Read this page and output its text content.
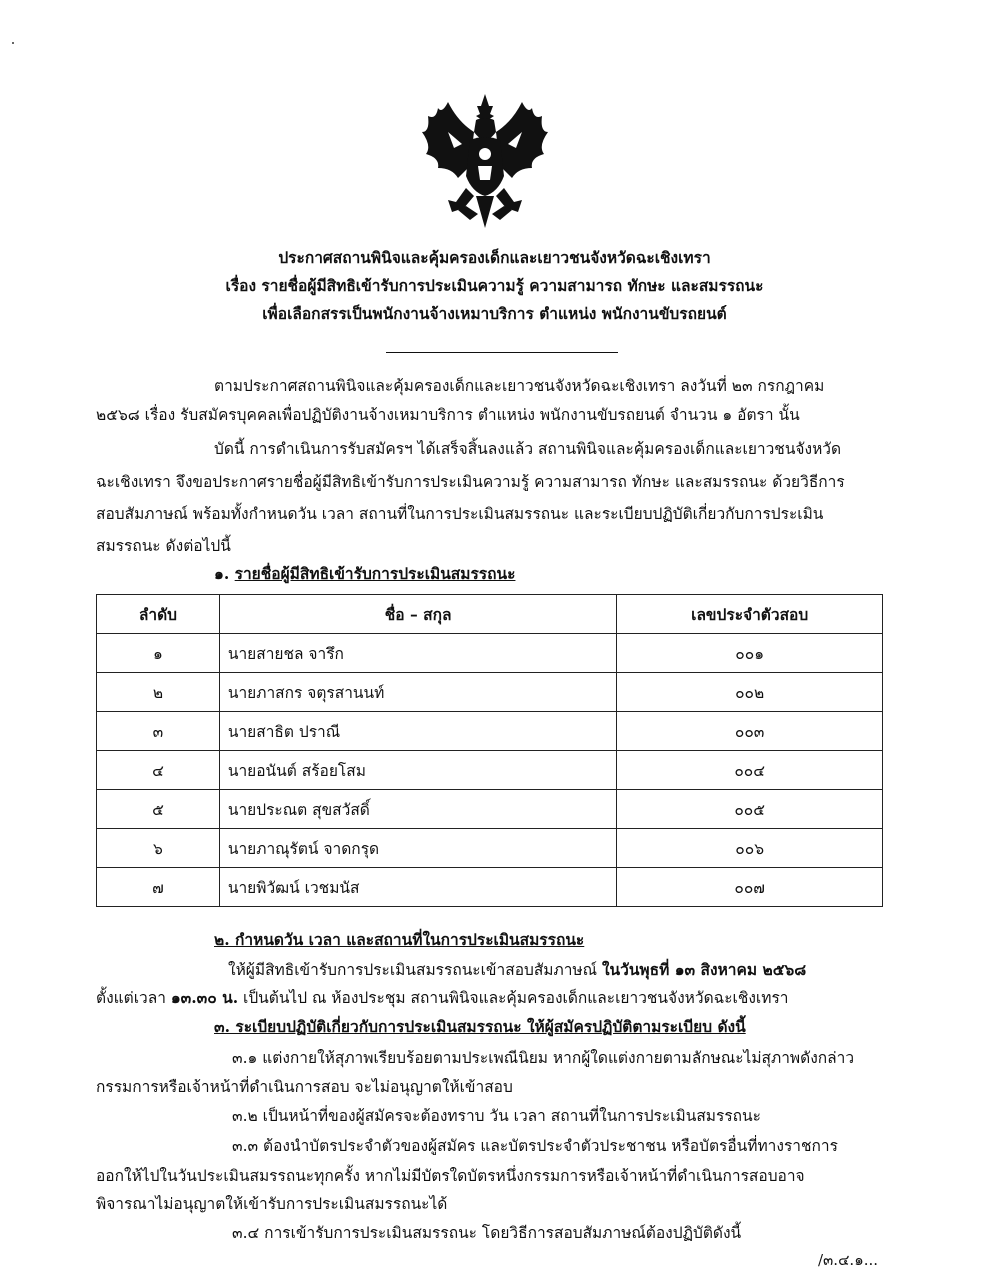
ประกาศสถานพินิจและคุ้มครองเด็กและเยาวชนจังหวัดฉะเชิงเทรา
เรื่อง รายชื่อผู้มีสิทธิเข้ารับการประเมินความรู้ ความสามารถ ทักษะ และสมรรถนะ
เพื่อเลือกสรรเป็นพนักงานจ้างเหมาบริการ ตำแหน่ง พนักงานขับรถยนต์
ตามประกาศสถานพินิจและคุ้มครองเด็กและเยาวชนจังหวัดฉะเชิงเทรา ลงวันที่ ๒๓ กรกฎาคม
๒๕๖๘ เรื่อง รับสมัครบุคคลเพื่อปฏิบัติงานจ้างเหมาบริการ ตำแหน่ง พนักงานขับรถยนต์ จำนวน ๑ อัตรา นั้น
บัดนี้ การดำเนินการรับสมัครฯ ได้เสร็จสิ้นลงแล้ว สถานพินิจและคุ้มครองเด็กและเยาวชนจังหวัด
ฉะเชิงเทรา จึงขอประกาศรายชื่อผู้มีสิทธิเข้ารับการประเมินความรู้ ความสามารถ ทักษะ และสมรรถนะ ด้วยวิธีการ
สอบสัมภาษณ์ พร้อมทั้งกำหนดวัน เวลา สถานที่ในการประเมินสมรรถนะ และระเบียบปฏิบัติเกี่ยวกับการประเมิน
สมรรถนะ ดังต่อไปนี้
๑. รายชื่อผู้มีสิทธิเข้ารับการประเมินสมรรถนะ
ลำดับ	ชื่อ – สกุล	เลขประจำตัวสอบ
๑	นายสายชล จารึก	๐๐๑
๒	นายภาสกร จตุรสานนท์	๐๐๒
๓	นายสาธิต ปราณี	๐๐๓
๔	นายอนันต์ สร้อยโสม	๐๐๔
๕	นายประณต สุขสวัสดิ์	๐๐๕
๖	นายภาณุรัตน์ จาดกรุด	๐๐๖
๗	นายพิวัฒน์ เวชมนัส	๐๐๗
๒. กำหนดวัน เวลา และสถานที่ในการประเมินสมรรถนะ
ให้ผู้มีสิทธิเข้ารับการประเมินสมรรถนะเข้าสอบสัมภาษณ์ ในวันพุธที่ ๑๓ สิงหาคม ๒๕๖๘
ตั้งแต่เวลา ๑๓.๓๐ น. เป็นต้นไป ณ ห้องประชุม สถานพินิจและคุ้มครองเด็กและเยาวชนจังหวัดฉะเชิงเทรา
๓. ระเบียบปฏิบัติเกี่ยวกับการประเมินสมรรถนะ ให้ผู้สมัครปฏิบัติตามระเบียบ ดังนี้
๓.๑ แต่งกายให้สุภาพเรียบร้อยตามประเพณีนิยม หากผู้ใดแต่งกายตามลักษณะไม่สุภาพดังกล่าว
กรรมการหรือเจ้าหน้าที่ดำเนินการสอบ จะไม่อนุญาตให้เข้าสอบ
๓.๒ เป็นหน้าที่ของผู้สมัครจะต้องทราบ วัน เวลา สถานที่ในการประเมินสมรรถนะ
๓.๓ ต้องนำบัตรประจำตัวของผู้สมัคร และบัตรประจำตัวประชาชน หรือบัตรอื่นที่ทางราชการ
ออกให้ไปในวันประเมินสมรรถนะทุกครั้ง หากไม่มีบัตรใดบัตรหนึ่งกรรมการหรือเจ้าหน้าที่ดำเนินการสอบอาจ
พิจารณาไม่อนุญาตให้เข้ารับการประเมินสมรรถนะได้
๓.๔ การเข้ารับการประเมินสมรรถนะ โดยวิธีการสอบสัมภาษณ์ต้องปฏิบัติดังนี้
/๓.๔.๑...
